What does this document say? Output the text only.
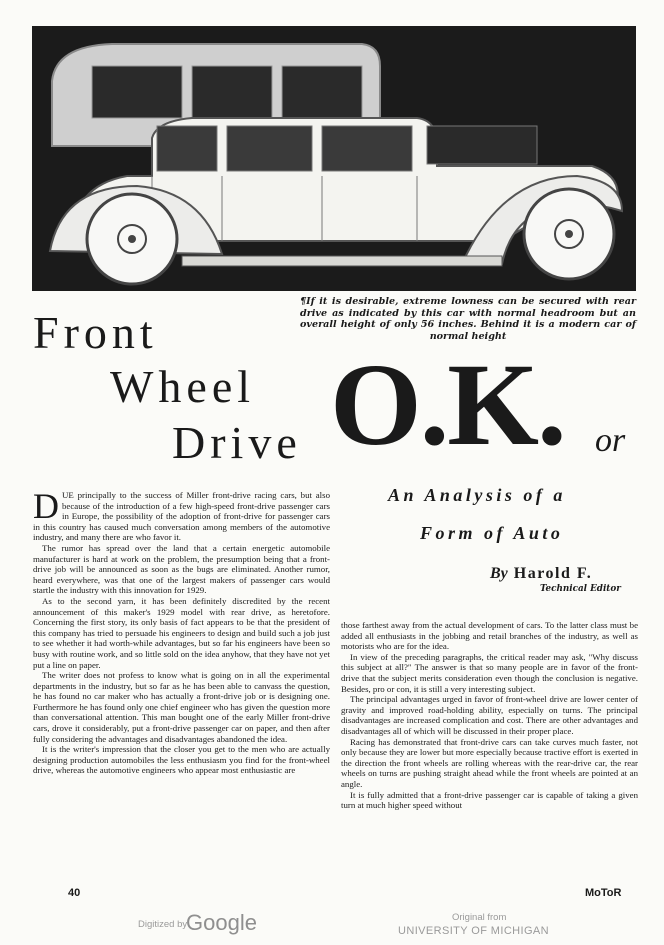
¶If it is desirable, extreme lowness can be secured with rear drive as indicated by this car with normal headroom but an overall height of only 56 inches. Behind it is a modern car of normal height
Front
Wheel
Drive O.K. or
An Analysis of a
Form of Auto
By Harold F.
Technical Editor

DUE principally to the success of Miller front-drive racing cars, but also because of the introduction of a few high-speed front-drive passenger cars in Europe, the possibility of the adoption of front-drive for passenger cars in this country has caused much conversation among members of the automotive industry, and many there are who favor it.

The rumor has spread over the land that a certain energetic automobile manufacturer is hard at work on the problem, the presumption being that a front-drive job will be announced as soon as the bugs are eliminated. Another rumor, heard everywhere, was that one of the largest makers of passenger cars would startle the industry with this innovation for 1929.

As to the second yarn, it has been definitely discredited by the recent announcement of this maker's 1929 model with rear drive, as heretofore. Concerning the first story, its only basis of fact appears to be that the president of this company has tried to persuade his engineers to design and build such a job just to see whether it had worth-while advantages, but so far his engineers have been so busy with routine work, and so little sold on the idea anyhow, that they have not yet put a line on paper.

The writer does not profess to know what is going on in all the experimental departments in the industry, but so far as he has been able to canvass the question, he has found no car maker who has actually a front-drive job or is designing one. Furthermore he has found only one chief engineer who has given the question more than conversational attention. This man bought one of the early Miller front-drive cars, drove it considerably, put a front-drive passenger car on paper, and then after fully considering the advantages and disadvantages abandoned the idea.

It is the writer's impression that the closer you get to the men who are actually designing production automobiles the less enthusiasm you find for the front-wheel drive, whereas the automotive engineers who appear most enthusiastic are

those farthest away from the actual development of cars. To the latter class must be added all enthusiasts in the jobbing and retail branches of the industry, as well as motorists who are for the idea.

In view of the preceding paragraphs, the critical reader may ask, "Why discuss this subject at all?" The answer is that so many people are in favor of the front-drive that the subject merits consideration even though the conclusion is negative. Besides, pro or con, it is still a very interesting subject.

The principal advantages urged in favor of front-wheel drive are lower center of gravity and improved road-holding ability, especially on turns. The principal disadvantages are increased complication and cost. There are other advantages and disadvantages all of which will be discussed in their proper place.

Racing has demonstrated that front-drive cars can take curves much faster, not only because they are lower but more especially because tractive effort is exerted in the direction the front wheels are rolling whereas with the rear-drive car, the rear wheels on turns are pushing straight ahead while the front wheels are pointed at an angle.

It is fully admitted that a front-drive passenger car is capable of taking a given turn at much higher speed without

40	MoToR
Digitized by
Google	Original from
UNIVERSITY OF MICHIGAN
